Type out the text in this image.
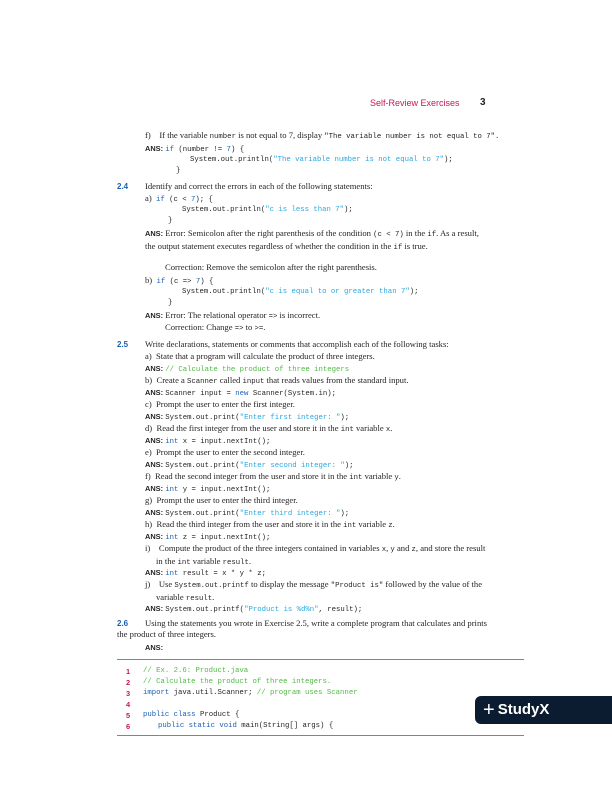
Self-Review Exercises 3
f) If the variable number is not equal to 7, display "The variable number is not equal to 7".
ANS: if (number != 7) {
System.out.println("The variable number is not equal to 7");
}
2.4 Identify and correct the errors in each of the following statements:
a) if (c < 7); {
System.out.println("c is less than 7");
}
ANS: Error: Semicolon after the right parenthesis of the condition (c < 7) in the if. As a result, the output statement executes regardless of whether the condition in the if is true.
Correction: Remove the semicolon after the right parenthesis.
b) if (c => 7) {
System.out.println("c is equal to or greater than 7");
}
ANS: Error: The relational operator => is incorrect.
Correction: Change => to >=.
2.5 Write declarations, statements or comments that accomplish each of the following tasks:
a) State that a program will calculate the product of three integers.
ANS: // Calculate the product of three integers
b) Create a Scanner called input that reads values from the standard input.
ANS: Scanner input = new Scanner(System.in);
c) Prompt the user to enter the first integer.
ANS: System.out.print("Enter first integer: ");
d) Read the first integer from the user and store it in the int variable x.
ANS: int x = input.nextInt();
e) Prompt the user to enter the second integer.
ANS: System.out.print("Enter second integer: ");
f) Read the second integer from the user and store it in the int variable y.
ANS: int y = input.nextInt();
g) Prompt the user to enter the third integer.
ANS: System.out.print("Enter third integer: ");
h) Read the third integer from the user and store it in the int variable z.
ANS: int z = input.nextInt();
i) Compute the product of the three integers contained in variables x, y and z, and store the result in the int variable result.
ANS: int result = x * y * z;
j) Use System.out.printf to display the message "Product is" followed by the value of the variable result.
ANS: System.out.printf("Product is %d%n", result);
2.6	Using the statements you wrote in Exercise 2.5, write a complete program that calculates and prints the product of three integers.
ANS:
1 // Ex. 2.6: Product.java
2 // Calculate the product of three integers.
3 import java.util.Scanner; // program uses Scanner
4
5 public class Product {
6	public static void main(String[] args) {
+ StudyX
